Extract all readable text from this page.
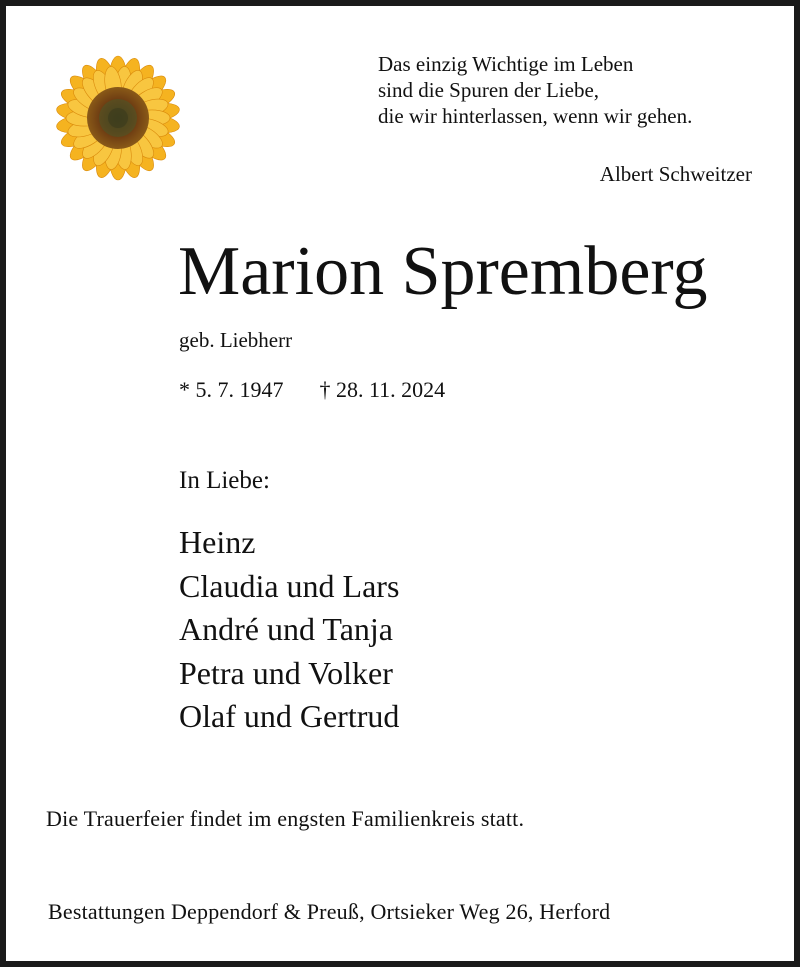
Das einzig Wichtige im Leben
sind die Spuren der Liebe,
die wir hinterlassen, wenn wir gehen.
Albert Schweitzer
Marion Spremberg
geb. Liebherr
* 5. 7. 1947 † 28. 11. 2024
In Liebe:
Heinz
Claudia und Lars
André und Tanja
Petra und Volker
Olaf und Gertrud
Die Trauerfeier findet im engsten Familienkreis statt.
Bestattungen Deppendorf & Preuß, Ortsieker Weg 26, Herford
